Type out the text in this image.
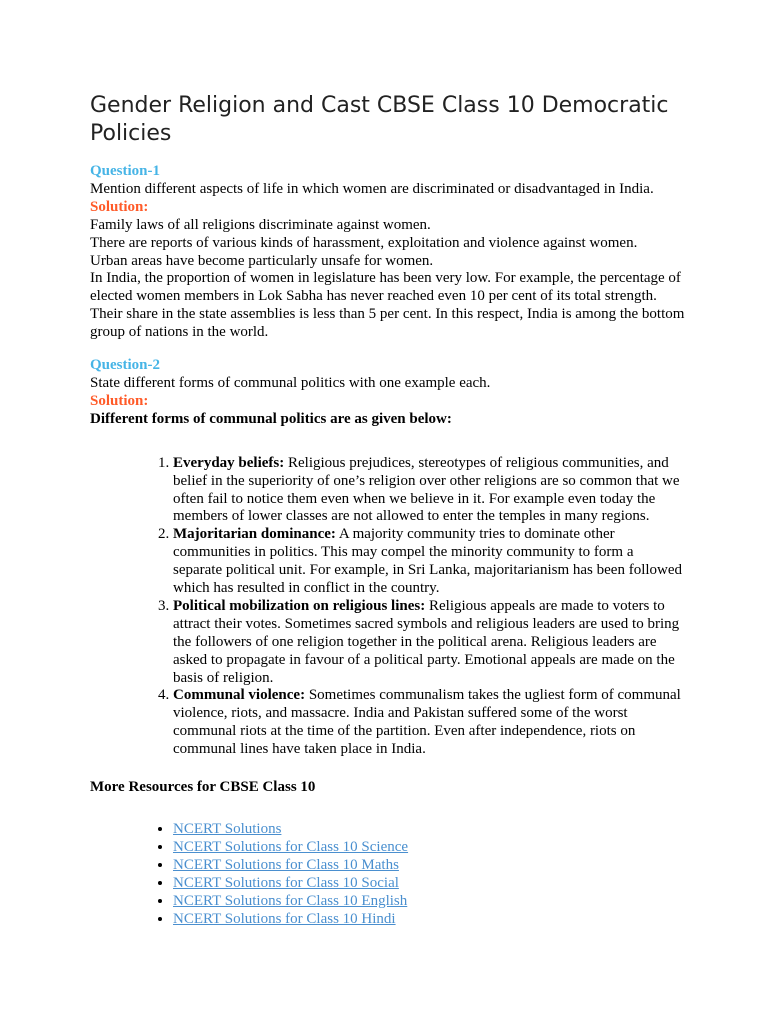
Gender Religion and Cast CBSE Class 10 Democratic Policies

Question-1

Mention different aspects of life in which women are discriminated or disadvantaged in India.

Solution:

Family laws of all religions discriminate against women.

There are reports of various kinds of harassment, exploitation and violence against women.

Urban areas have become particularly unsafe for women.

In India, the proportion of women in legislature has been very low. For example, the percentage of elected women members in Lok Sabha has never reached even 10 per cent of its total strength. Their share in the state assemblies is less than 5 per cent. In this respect, India is among the bottom group of nations in the world.

Question-2

State different forms of communal politics with one example each.

Solution:

Different forms of communal politics are as given below:

1. Everyday beliefs: Religious prejudices, stereotypes of religious communities, and belief in the superiority of one’s religion over other religions are so common that we often fail to notice them even when we believe in it. For example even today the members of lower classes are not allowed to enter the temples in many regions.
2. Majoritarian dominance: A majority community tries to dominate other communities in politics. This may compel the minority community to form a separate political unit. For example, in Sri Lanka, majoritarianism has been followed which has resulted in conflict in the country.
3. Political mobilization on religious lines: Religious appeals are made to voters to attract their votes. Sometimes sacred symbols and religious leaders are used to bring the followers of one religion together in the political arena. Religious leaders are asked to propagate in favour of a political party. Emotional appeals are made on the basis of religion.
4. Communal violence: Sometimes communalism takes the ugliest form of communal violence, riots, and massacre. India and Pakistan suffered some of the worst communal riots at the time of the partition. Even after independence, riots on communal lines have taken place in India.

More Resources for CBSE Class 10

• NCERT Solutions
• NCERT Solutions for Class 10 Science
• NCERT Solutions for Class 10 Maths
• NCERT Solutions for Class 10 Social
• NCERT Solutions for Class 10 English
• NCERT Solutions for Class 10 Hindi
